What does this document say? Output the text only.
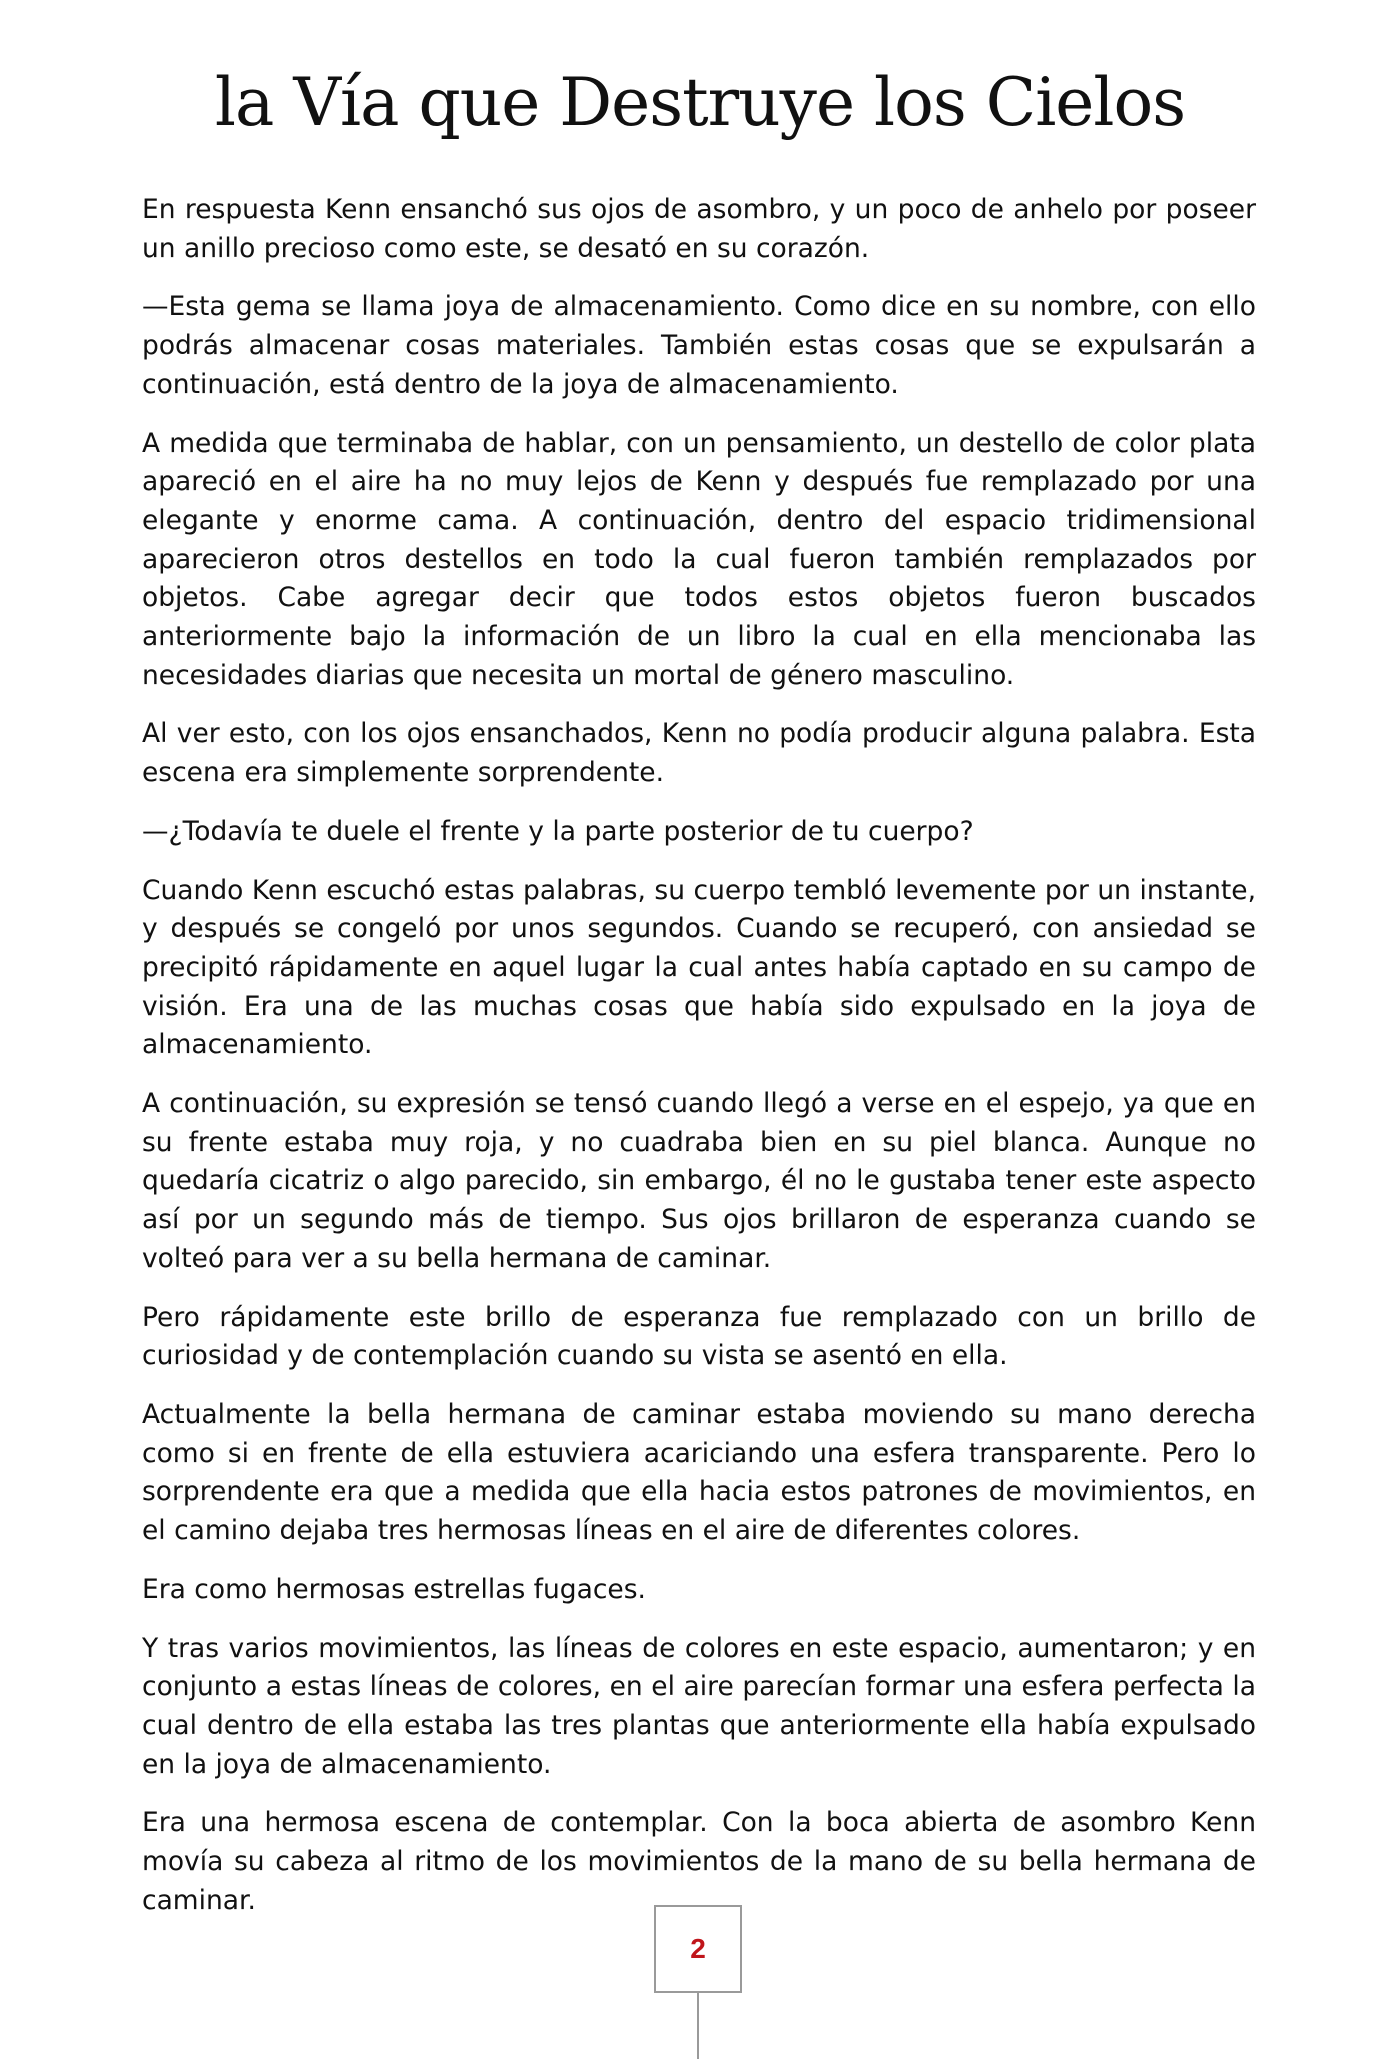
la Vía que Destruye los Cielos

En respuesta Kenn ensanchó sus ojos de asombro, y un poco de anhelo por poseer un anillo precioso como este, se desató en su corazón.

—Esta gema se llama joya de almacenamiento. Como dice en su nombre, con ello podrás almacenar cosas materiales. También estas cosas que se expulsarán a continuación, está dentro de la joya de almacenamiento.

A medida que terminaba de hablar, con un pensamiento, un destello de color plata apareció en el aire ha no muy lejos de Kenn y después fue remplazado por una elegante y enorme cama. A continuación, dentro del espacio tridimensional aparecieron otros destellos en todo la cual fueron también remplazados por objetos. Cabe agregar decir que todos estos objetos fueron buscados anteriormente bajo la información de un libro la cual en ella mencionaba las necesidades diarias que necesita un mortal de género masculino.

Al ver esto, con los ojos ensanchados, Kenn no podía producir alguna palabra. Esta escena era simplemente sorprendente.

—¿Todavía te duele el frente y la parte posterior de tu cuerpo?

Cuando Kenn escuchó estas palabras, su cuerpo tembló levemente por un instante, y después se congeló por unos segundos. Cuando se recuperó, con ansiedad se precipitó rápidamente en aquel lugar la cual antes había captado en su campo de visión. Era una de las muchas cosas que había sido expulsado en la joya de almacenamiento.

A continuación, su expresión se tensó cuando llegó a verse en el espejo, ya que en su frente estaba muy roja, y no cuadraba bien en su piel blanca. Aunque no quedaría cicatriz o algo parecido, sin embargo, él no le gustaba tener este aspecto así por un segundo más de tiempo. Sus ojos brillaron de esperanza cuando se volteó para ver a su bella hermana de caminar.

Pero rápidamente este brillo de esperanza fue remplazado con un brillo de curiosidad y de contemplación cuando su vista se asentó en ella.

Actualmente la bella hermana de caminar estaba moviendo su mano derecha como si en frente de ella estuviera acariciando una esfera transparente. Pero lo sorprendente era que a medida que ella hacia estos patrones de movimientos, en el camino dejaba tres hermosas líneas en el aire de diferentes colores.

Era como hermosas estrellas fugaces.

Y tras varios movimientos, las líneas de colores en este espacio, aumentaron; y en conjunto a estas líneas de colores, en el aire parecían formar una esfera perfecta la cual dentro de ella estaba las tres plantas que anteriormente ella había expulsado en la joya de almacenamiento.

Era una hermosa escena de contemplar. Con la boca abierta de asombro Kenn movía su cabeza al ritmo de los movimientos de la mano de su bella hermana de caminar.

2
